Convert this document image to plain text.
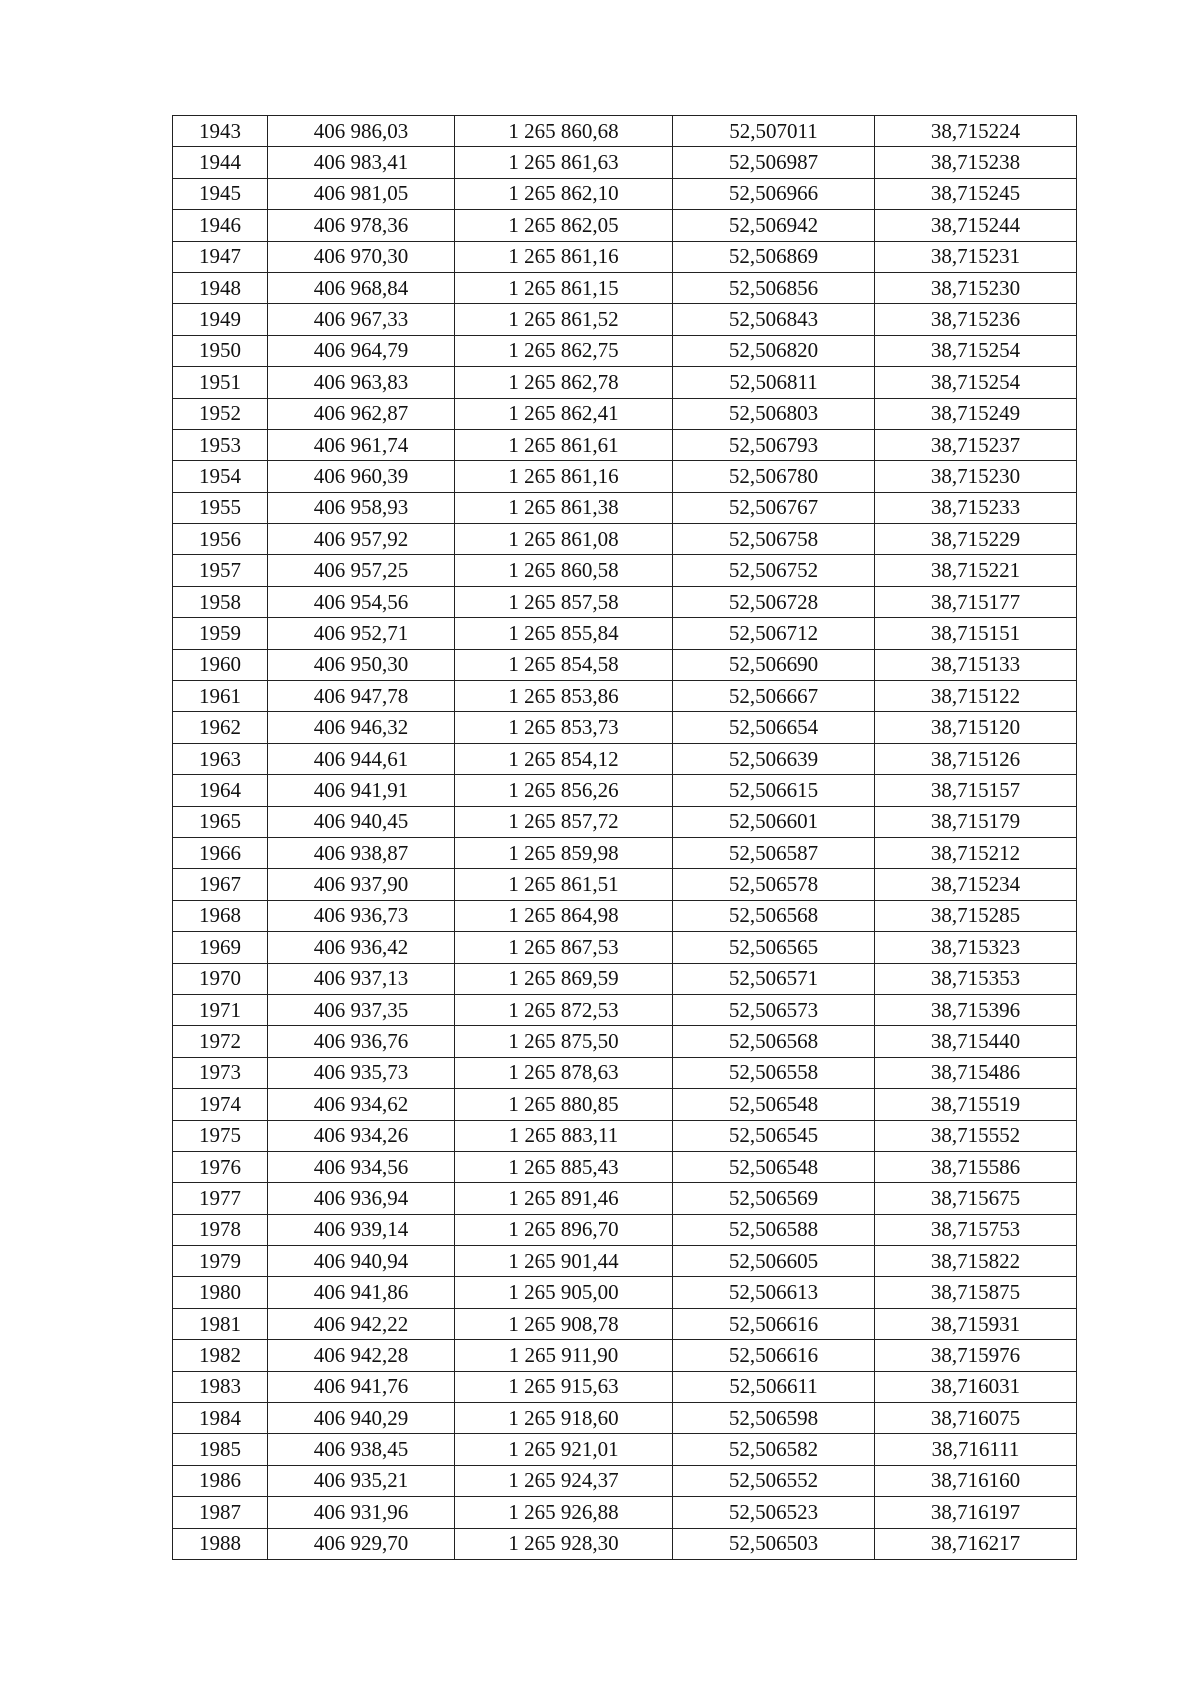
1943	406 986,03	1 265 860,68	52,507011	38,715224
1944	406 983,41	1 265 861,63	52,506987	38,715238
1945	406 981,05	1 265 862,10	52,506966	38,715245
1946	406 978,36	1 265 862,05	52,506942	38,715244
1947	406 970,30	1 265 861,16	52,506869	38,715231
1948	406 968,84	1 265 861,15	52,506856	38,715230
1949	406 967,33	1 265 861,52	52,506843	38,715236
1950	406 964,79	1 265 862,75	52,506820	38,715254
1951	406 963,83	1 265 862,78	52,506811	38,715254
1952	406 962,87	1 265 862,41	52,506803	38,715249
1953	406 961,74	1 265 861,61	52,506793	38,715237
1954	406 960,39	1 265 861,16	52,506780	38,715230
1955	406 958,93	1 265 861,38	52,506767	38,715233
1956	406 957,92	1 265 861,08	52,506758	38,715229
1957	406 957,25	1 265 860,58	52,506752	38,715221
1958	406 954,56	1 265 857,58	52,506728	38,715177
1959	406 952,71	1 265 855,84	52,506712	38,715151
1960	406 950,30	1 265 854,58	52,506690	38,715133
1961	406 947,78	1 265 853,86	52,506667	38,715122
1962	406 946,32	1 265 853,73	52,506654	38,715120
1963	406 944,61	1 265 854,12	52,506639	38,715126
1964	406 941,91	1 265 856,26	52,506615	38,715157
1965	406 940,45	1 265 857,72	52,506601	38,715179
1966	406 938,87	1 265 859,98	52,506587	38,715212
1967	406 937,90	1 265 861,51	52,506578	38,715234
1968	406 936,73	1 265 864,98	52,506568	38,715285
1969	406 936,42	1 265 867,53	52,506565	38,715323
1970	406 937,13	1 265 869,59	52,506571	38,715353
1971	406 937,35	1 265 872,53	52,506573	38,715396
1972	406 936,76	1 265 875,50	52,506568	38,715440
1973	406 935,73	1 265 878,63	52,506558	38,715486
1974	406 934,62	1 265 880,85	52,506548	38,715519
1975	406 934,26	1 265 883,11	52,506545	38,715552
1976	406 934,56	1 265 885,43	52,506548	38,715586
1977	406 936,94	1 265 891,46	52,506569	38,715675
1978	406 939,14	1 265 896,70	52,506588	38,715753
1979	406 940,94	1 265 901,44	52,506605	38,715822
1980	406 941,86	1 265 905,00	52,506613	38,715875
1981	406 942,22	1 265 908,78	52,506616	38,715931
1982	406 942,28	1 265 911,90	52,506616	38,715976
1983	406 941,76	1 265 915,63	52,506611	38,716031
1984	406 940,29	1 265 918,60	52,506598	38,716075
1985	406 938,45	1 265 921,01	52,506582	38,716111
1986	406 935,21	1 265 924,37	52,506552	38,716160
1987	406 931,96	1 265 926,88	52,506523	38,716197
1988	406 929,70	1 265 928,30	52,506503	38,716217
